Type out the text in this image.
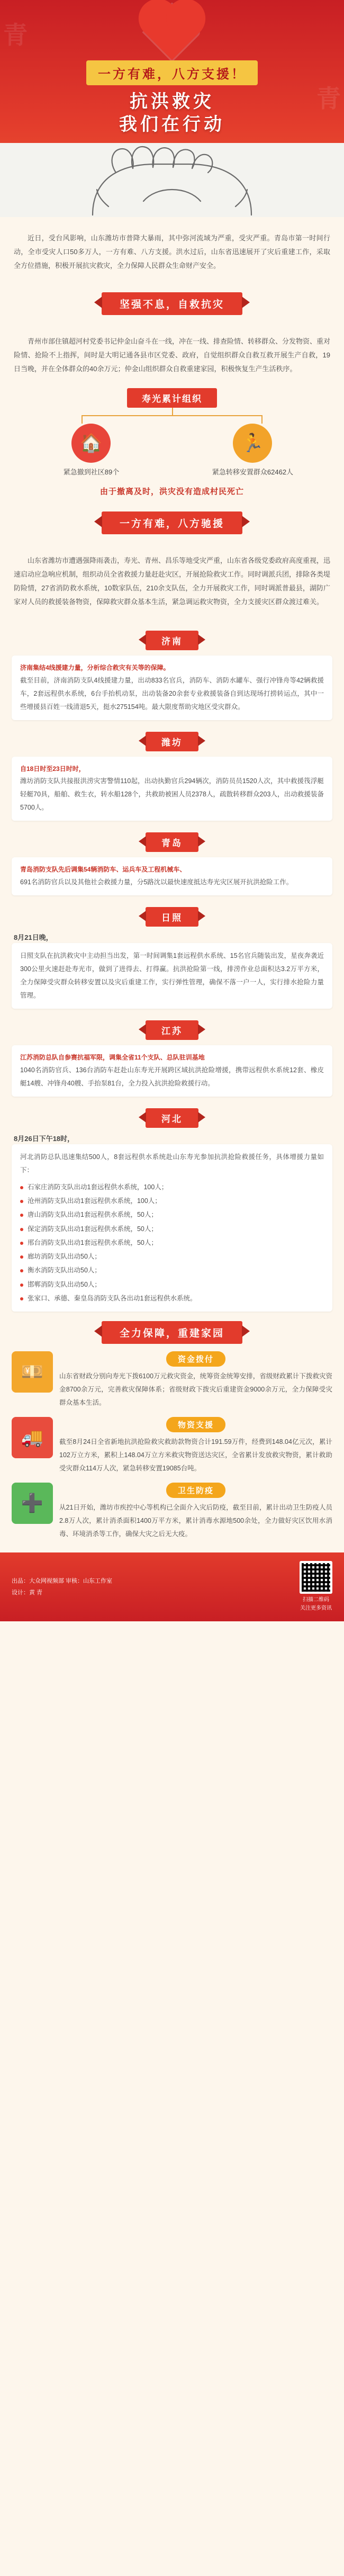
青
青
一方有难，八方支援！
抗洪救灾
我们在行动

近日，受台风影响，山东潍坊市普降大暴雨，其中弥河流域为严重，受灾严重。青岛市第一时间行动，全市受灾人口50多万人，一方有难、八方支援。洪水过后，山东省迅速展开了灾后重建工作，采取全方位措施，积极开展抗灾救灾，全力保障人民群众生命财产安全。

坚强不息，自救抗灾

青州市部住镇超河村党委书记仲金山奋斗在一线，冲在一线、排查险情、转移群众、分发物资、重对险情、抢险不上指挥，间时是大明记通各县市区党委、政府，自觉组织群众自救互救开展生产自救，19日当晚，并在全体群众的40余万元；仲金山组织群众自救重建家园，积极恢复生产生活秩序。

寿光累计组织
🏠
紧急撤到社区89个
🏃
紧急转移安置群众62462人
由于撤离及时，洪灾没有造成村民死亡
一方有难，八方驰援

山东省潍坊市遭遇强降雨袭击，寿光、青州、昌乐等地受灾严重，山东省各级党委政府高度重视，迅速启动应急响应机制，组织动员全省救援力量赶赴灾区，开展抢险救灾工作。同时调派兵团，排除各类堤防险情，27省消防救水系统，10数家队伍，210余支队伍，全力开展救灾工作，同时调派普最县，湖防广家对人员的救援装备物资，保障救灾群众基本生活，紧急调运救灾物资，全力支援灾区群众渡过难关。

济南
济南集结4线援建力量，分析综合救灾有关等的保障。
截至目前，济南消防支队4线援建力量，出动833名官兵，消防车、消防水罐车、强行冲锋舟等42辆救援车，2套远程供水系统，6台手抬机动泵，出动装备20余套专业救援装备自到达现场打捞转运点，其中一些增援县百姓一线清退5天，挺水275154吨。最大限度帮助灾地区受灾群众。
潍坊
自18日时至23日时时，
潍坊消防支队共接报洪涝灾害警情110起，出动执勤官兵294辆次，消防员员1520人次，其中救援筏浮艇轻艇70具，船舶、救生衣，转水船128个，共救助被困人员2378人，疏散转移群众203人，出动救援装备5700人。
青岛
青岛消防支队先后调集54辆消防车、运兵车及工程机械车、
691名消防官兵以及其他社会救援力量，分5路沈以最快速度抵达寿光灾区展开抗洪抢险工作。
日照
8月21日晚，
日照支队在抗洪救灾中主动担当出发，第一时间调集1套远程供水系统、15名官兵随装出发，星夜奔袭近300公里火速赶赴寿光市，做到了进得去、打得赢。抗洪抢险第一线，排涝作业总面积达3.2万平方米，全力保障受灾群众转移安置以及灾后重建工作，实行弹性管理，确保不落一户一人，实行排水抢险力量管理。
江苏
江苏消防总队自参赛抗福军限，调集全省11个支队、总队驻训基地
1040名消防官兵、136台消防车赶赴山东寿光开展跨区域抗洪抢险增援，携带远程供水系统12套、橡皮艇14艘、冲锋舟40艘、手抬泵81台，全力投入抗洪抢险救援行动。
河北
8月26日下午18时，
河北消防总队迅速集结500人，8套远程供水系统赴山东寿光参加抗洪抢险救援任务，具体增援力量如下：
石家庄消防支队出动1套远程供水系统，100人；
沧州消防支队出动1套远程供水系统，100人；
唐山消防支队出动1套远程供水系统，50人；
保定消防支队出动1套远程供水系统，50人；
邢台消防支队出动1套远程供水系统，50人；
廊坊消防支队出动50人；
衡水消防支队出动50人；
邯郸消防支队出动50人；
张家口、承德、秦皇岛消防支队各出动1套远程供水系统。
全力保障，重建家园
💴
资金拨付
山东省财政分别向寿光下拨6100万元救灾资金，统筹资金统筹安排，省级财政累计下拨救灾资金8700余万元，完善救灾保障体系；省级财政下拨灾后重建资金9000余万元，全力保障受灾群众基本生活。
🚚
物资支援
截至8月24日全省新地抗洪抢险救灾救助款物资合计191.59万件，经费到148.04亿元次，累计102万立方米，累积上148.04万立方米救灾物资送达灾区，全省累计发放救灾物资，累计救助受灾群众114万人次，紧急转移安置19085台吨。
➕
卫生防疫
从21日开始，潍坊市疾控中心等机构已全面介入灾后防疫，截至目前，累计出动卫生防疫人员2.8万人次，累计消杀面积1400万平方米，累计消毒水源地500余处，全力做好灾区饮用水消毒、环境消杀等工作，确保大灾之后无大疫。
出品：大众网视频部 审核：山东工作室
设计：黄 青
扫描二维码
关注更多资讯
